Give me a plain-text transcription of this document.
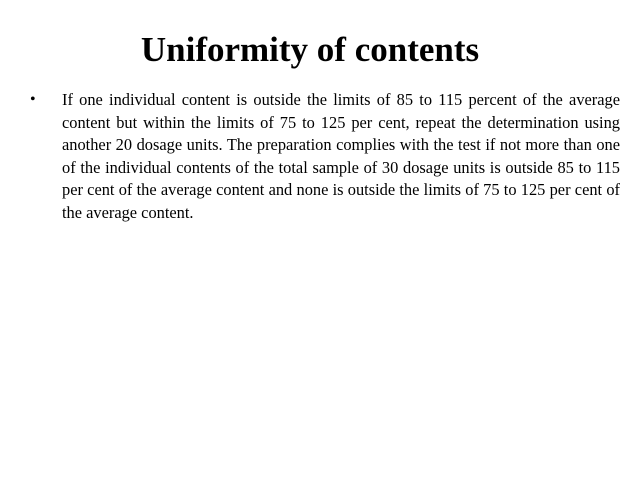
Uniformity of contents
• If one individual content is outside the limits of 85 to 115 percent of the average content but within the limits of 75 to 125 per cent, repeat the determination using another 20 dosage units. The preparation complies with the test if not more than one of the individual contents of the total sample of 30 dosage units is outside 85 to 115 per cent of the average content and none is outside the limits of 75 to 125 per cent of the average content.
